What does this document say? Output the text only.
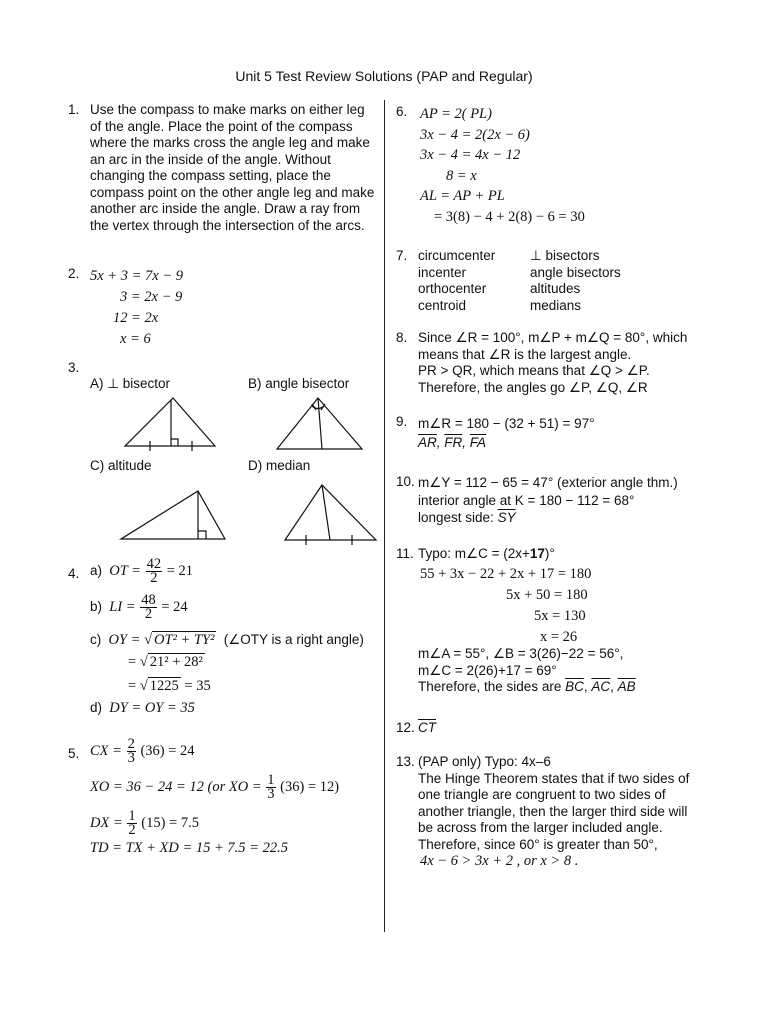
Unit 5 Test Review Solutions (PAP and Regular)
1. Use the compass to make marks on either leg of the angle. Place the point of the compass where the marks cross the angle leg and make an arc in the inside of the angle. Without changing the compass setting, place the compass point on the other angle leg and make another arc inside the angle. Draw a ray from the vertex through the intersection of the arcs.
2. 5x + 3 = 7x − 9
3 = 2x − 9
12 = 2x
x = 6
3.
A) ⊥ bisector	B) angle bisector
C) altitude	D) median
4. a) OT = $\frac{42}{2} = 21$
b) LI = $\frac{48}{2} = 24$
c) OY = √ OT² + TY² (∠OTY is a right angle)
= √ 21² + 28²
= √ 1225 = 35
d) DY = OY = 35
5. CX = $\frac{2}{3} (36) = 24$
XO = 36 − 24 = 12 (or XO = $\frac{1}{3} (36) = 12$)
DX = $\frac{1}{2} (15) = 7.5$
TD = TX + XD = 15 + 7.5 = 22.5
6. AP = 2( PL)
3x − 4 = 2(2x − 6)
3x − 4 = 4x − 12
8 = x
AL = AP + PL
= 3(8) − 4 + 2(8) − 6 = 30
7. circumcenter	⊥ bisectors
incenter	angle bisectors
orthocenter	altitudes
centroid	medians
8. Since ∠R = 100°, m∠P + m∠Q = 80°, which
means that ∠R is the largest angle.
PR > QR, which means that ∠Q > ∠P.
Therefore, the angles go ∠P, ∠Q, ∠R
9. m∠R = 180 − (32 + 51) = 97°
$\overline{AR}$, $\overline{FR}$, $\overline{FA}$
10. m∠Y = 112 − 65 = 47° (exterior angle thm.)
interior angle at K = 180 − 112 = 68°
longest side: $\overline{SY}$
11. Typo: m∠C = (2x+17)°
55 + 3x − 22 + 2x + 17 = 180
5x + 50 = 180
5x = 130
x = 26
m∠A = 55°, ∠B = 3(26)−22 = 56°,
m∠C = 2(26)+17 = 69°
Therefore, the sides are $\overline{BC}$, $\overline{AC}$, $\overline{AB}$
12. $\overline{CT}$
13. (PAP only) Typo: 4x–6
The Hinge Theorem states that if two sides of
one triangle are congruent to two sides of
another triangle, then the larger third side will
be across from the larger included angle.
Therefore, since 60° is greater than 50°,
4x − 6 > 3x + 2 , or x > 8 .
